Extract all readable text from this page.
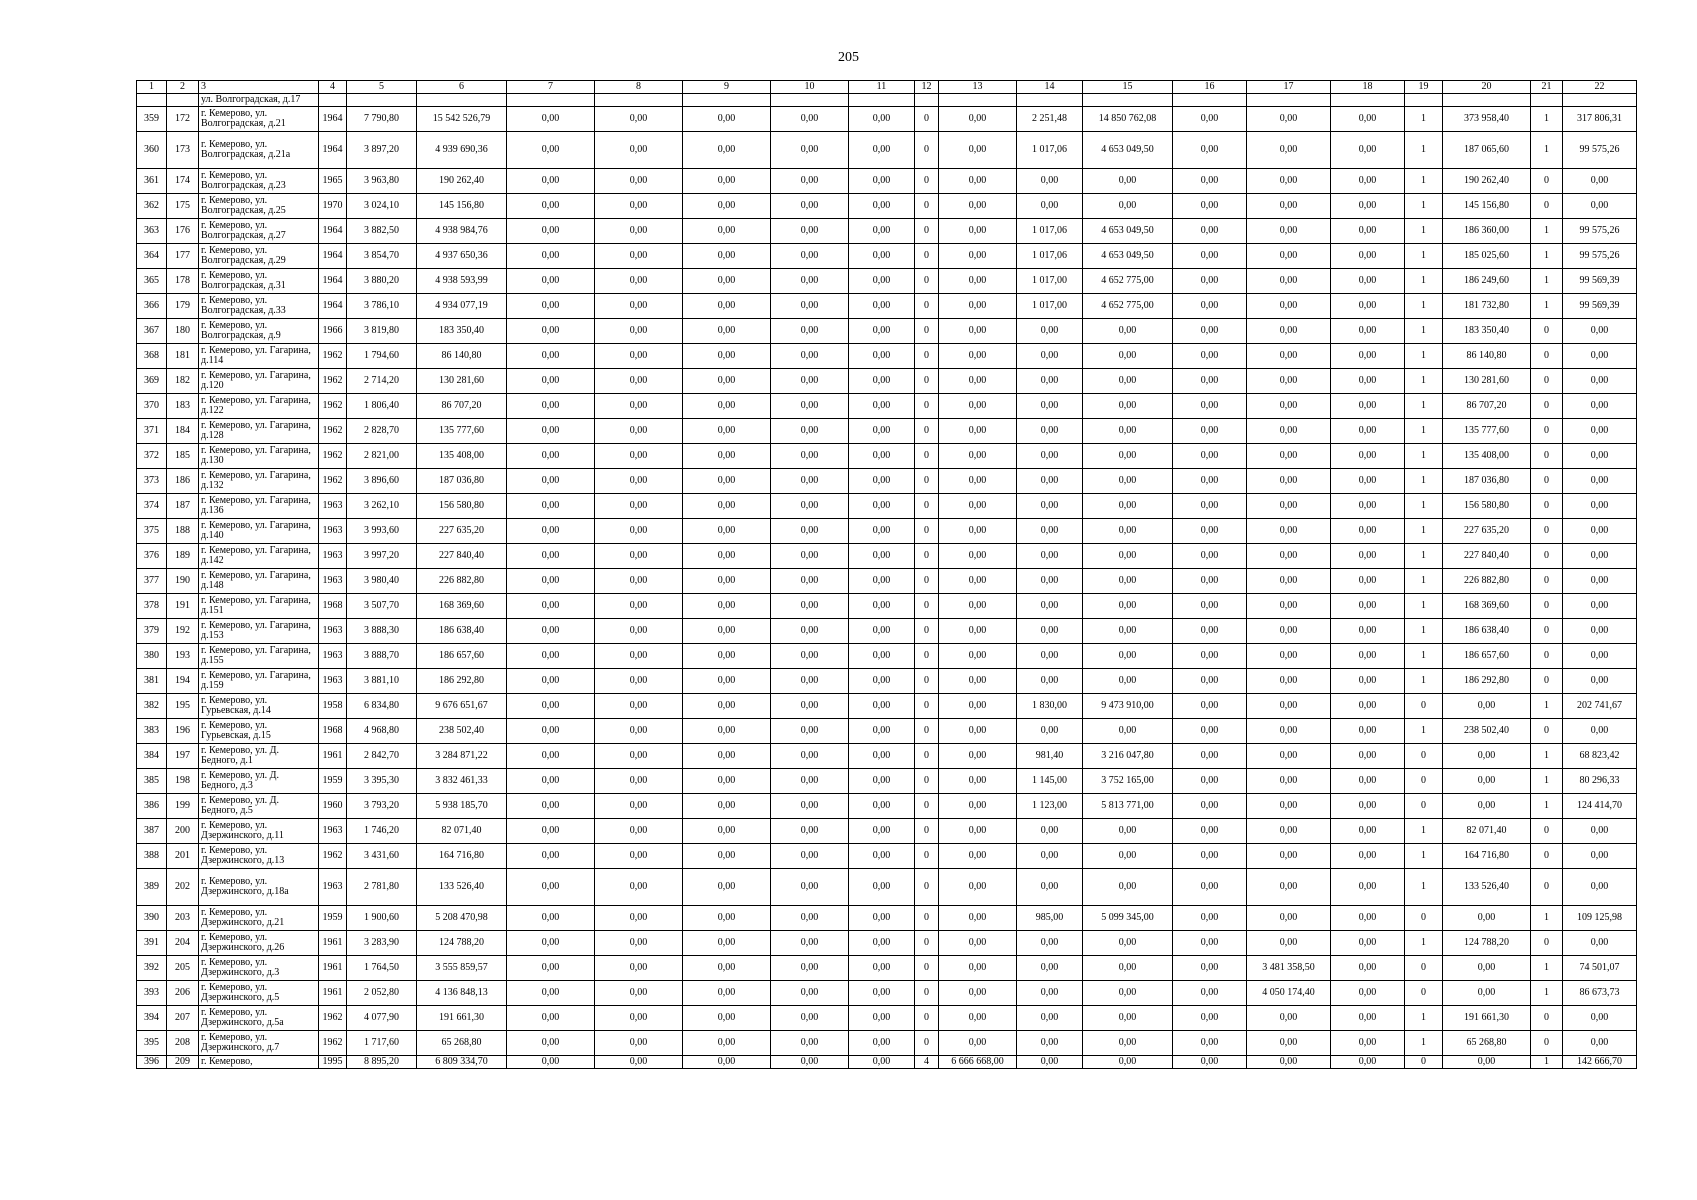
205
1	2	3	4	5	6	7	8	9	10	11	12	13	14	15	16	17	18	19	20	21	22
		ул. Волгоградская, д.17																			
359	172	г. Кемерово, ул. Волгоградская, д.21	1964	7 790,80	15 542 526,79	0,00	0,00	0,00	0,00	0,00	0	0,00	2 251,48	14 850 762,08	0,00	0,00	0,00	1	373 958,40	1	317 806,31
360	173	г. Кемерово, ул. Волгоградская, д.21а	1964	3 897,20	4 939 690,36	0,00	0,00	0,00	0,00	0,00	0	0,00	1 017,06	4 653 049,50	0,00	0,00	0,00	1	187 065,60	1	99 575,26
361	174	г. Кемерово, ул. Волгоградская, д.23	1965	3 963,80	190 262,40	0,00	0,00	0,00	0,00	0,00	0	0,00	0,00	0,00	0,00	0,00	0,00	1	190 262,40	0	0,00
362	175	г. Кемерово, ул. Волгоградская, д.25	1970	3 024,10	145 156,80	0,00	0,00	0,00	0,00	0,00	0	0,00	0,00	0,00	0,00	0,00	0,00	1	145 156,80	0	0,00
363	176	г. Кемерово, ул. Волгоградская, д.27	1964	3 882,50	4 938 984,76	0,00	0,00	0,00	0,00	0,00	0	0,00	1 017,06	4 653 049,50	0,00	0,00	0,00	1	186 360,00	1	99 575,26
364	177	г. Кемерово, ул. Волгоградская, д.29	1964	3 854,70	4 937 650,36	0,00	0,00	0,00	0,00	0,00	0	0,00	1 017,06	4 653 049,50	0,00	0,00	0,00	1	185 025,60	1	99 575,26
365	178	г. Кемерово, ул. Волгоградская, д.31	1964	3 880,20	4 938 593,99	0,00	0,00	0,00	0,00	0,00	0	0,00	1 017,00	4 652 775,00	0,00	0,00	0,00	1	186 249,60	1	99 569,39
366	179	г. Кемерово, ул. Волгоградская, д.33	1964	3 786,10	4 934 077,19	0,00	0,00	0,00	0,00	0,00	0	0,00	1 017,00	4 652 775,00	0,00	0,00	0,00	1	181 732,80	1	99 569,39
367	180	г. Кемерово, ул. Волгоградская, д.9	1966	3 819,80	183 350,40	0,00	0,00	0,00	0,00	0,00	0	0,00	0,00	0,00	0,00	0,00	0,00	1	183 350,40	0	0,00
368	181	г. Кемерово, ул. Гагарина, д.114	1962	1 794,60	86 140,80	0,00	0,00	0,00	0,00	0,00	0	0,00	0,00	0,00	0,00	0,00	0,00	1	86 140,80	0	0,00
369	182	г. Кемерово, ул. Гагарина, д.120	1962	2 714,20	130 281,60	0,00	0,00	0,00	0,00	0,00	0	0,00	0,00	0,00	0,00	0,00	0,00	1	130 281,60	0	0,00
370	183	г. Кемерово, ул. Гагарина, д.122	1962	1 806,40	86 707,20	0,00	0,00	0,00	0,00	0,00	0	0,00	0,00	0,00	0,00	0,00	0,00	1	86 707,20	0	0,00
371	184	г. Кемерово, ул. Гагарина, д.128	1962	2 828,70	135 777,60	0,00	0,00	0,00	0,00	0,00	0	0,00	0,00	0,00	0,00	0,00	0,00	1	135 777,60	0	0,00
372	185	г. Кемерово, ул. Гагарина, д.130	1962	2 821,00	135 408,00	0,00	0,00	0,00	0,00	0,00	0	0,00	0,00	0,00	0,00	0,00	0,00	1	135 408,00	0	0,00
373	186	г. Кемерово, ул. Гагарина, д.132	1962	3 896,60	187 036,80	0,00	0,00	0,00	0,00	0,00	0	0,00	0,00	0,00	0,00	0,00	0,00	1	187 036,80	0	0,00
374	187	г. Кемерово, ул. Гагарина, д.136	1963	3 262,10	156 580,80	0,00	0,00	0,00	0,00	0,00	0	0,00	0,00	0,00	0,00	0,00	0,00	1	156 580,80	0	0,00
375	188	г. Кемерово, ул. Гагарина, д.140	1963	3 993,60	227 635,20	0,00	0,00	0,00	0,00	0,00	0	0,00	0,00	0,00	0,00	0,00	0,00	1	227 635,20	0	0,00
376	189	г. Кемерово, ул. Гагарина, д.142	1963	3 997,20	227 840,40	0,00	0,00	0,00	0,00	0,00	0	0,00	0,00	0,00	0,00	0,00	0,00	1	227 840,40	0	0,00
377	190	г. Кемерово, ул. Гагарина, д.148	1963	3 980,40	226 882,80	0,00	0,00	0,00	0,00	0,00	0	0,00	0,00	0,00	0,00	0,00	0,00	1	226 882,80	0	0,00
378	191	г. Кемерово, ул. Гагарина, д.151	1968	3 507,70	168 369,60	0,00	0,00	0,00	0,00	0,00	0	0,00	0,00	0,00	0,00	0,00	0,00	1	168 369,60	0	0,00
379	192	г. Кемерово, ул. Гагарина, д.153	1963	3 888,30	186 638,40	0,00	0,00	0,00	0,00	0,00	0	0,00	0,00	0,00	0,00	0,00	0,00	1	186 638,40	0	0,00
380	193	г. Кемерово, ул. Гагарина, д.155	1963	3 888,70	186 657,60	0,00	0,00	0,00	0,00	0,00	0	0,00	0,00	0,00	0,00	0,00	0,00	1	186 657,60	0	0,00
381	194	г. Кемерово, ул. Гагарина, д.159	1963	3 881,10	186 292,80	0,00	0,00	0,00	0,00	0,00	0	0,00	0,00	0,00	0,00	0,00	0,00	1	186 292,80	0	0,00
382	195	г. Кемерово, ул. Гурьевская, д.14	1958	6 834,80	9 676 651,67	0,00	0,00	0,00	0,00	0,00	0	0,00	1 830,00	9 473 910,00	0,00	0,00	0,00	0	0,00	1	202 741,67
383	196	г. Кемерово, ул. Гурьевская, д.15	1968	4 968,80	238 502,40	0,00	0,00	0,00	0,00	0,00	0	0,00	0,00	0,00	0,00	0,00	0,00	1	238 502,40	0	0,00
384	197	г. Кемерово, ул. Д. Бедного, д.1	1961	2 842,70	3 284 871,22	0,00	0,00	0,00	0,00	0,00	0	0,00	981,40	3 216 047,80	0,00	0,00	0,00	0	0,00	1	68 823,42
385	198	г. Кемерово, ул. Д. Бедного, д.3	1959	3 395,30	3 832 461,33	0,00	0,00	0,00	0,00	0,00	0	0,00	1 145,00	3 752 165,00	0,00	0,00	0,00	0	0,00	1	80 296,33
386	199	г. Кемерово, ул. Д. Бедного, д.5	1960	3 793,20	5 938 185,70	0,00	0,00	0,00	0,00	0,00	0	0,00	1 123,00	5 813 771,00	0,00	0,00	0,00	0	0,00	1	124 414,70
387	200	г. Кемерово, ул. Дзержинского, д.11	1963	1 746,20	82 071,40	0,00	0,00	0,00	0,00	0,00	0	0,00	0,00	0,00	0,00	0,00	0,00	1	82 071,40	0	0,00
388	201	г. Кемерово, ул. Дзержинского, д.13	1962	3 431,60	164 716,80	0,00	0,00	0,00	0,00	0,00	0	0,00	0,00	0,00	0,00	0,00	0,00	1	164 716,80	0	0,00
389	202	г. Кемерово, ул. Дзержинского, д.18а	1963	2 781,80	133 526,40	0,00	0,00	0,00	0,00	0,00	0	0,00	0,00	0,00	0,00	0,00	0,00	1	133 526,40	0	0,00
390	203	г. Кемерово, ул. Дзержинского, д.21	1959	1 900,60	5 208 470,98	0,00	0,00	0,00	0,00	0,00	0	0,00	985,00	5 099 345,00	0,00	0,00	0,00	0	0,00	1	109 125,98
391	204	г. Кемерово, ул. Дзержинского, д.26	1961	3 283,90	124 788,20	0,00	0,00	0,00	0,00	0,00	0	0,00	0,00	0,00	0,00	0,00	0,00	1	124 788,20	0	0,00
392	205	г. Кемерово, ул. Дзержинского, д.3	1961	1 764,50	3 555 859,57	0,00	0,00	0,00	0,00	0,00	0	0,00	0,00	0,00	0,00	3 481 358,50	0,00	0	0,00	1	74 501,07
393	206	г. Кемерово, ул. Дзержинского, д.5	1961	2 052,80	4 136 848,13	0,00	0,00	0,00	0,00	0,00	0	0,00	0,00	0,00	0,00	4 050 174,40	0,00	0	0,00	1	86 673,73
394	207	г. Кемерово, ул. Дзержинского, д.5а	1962	4 077,90	191 661,30	0,00	0,00	0,00	0,00	0,00	0	0,00	0,00	0,00	0,00	0,00	0,00	1	191 661,30	0	0,00
395	208	г. Кемерово, ул. Дзержинского, д.7	1962	1 717,60	65 268,80	0,00	0,00	0,00	0,00	0,00	0	0,00	0,00	0,00	0,00	0,00	0,00	1	65 268,80	0	0,00
396	209	г. Кемерово,	1995	8 895,20	6 809 334,70	0,00	0,00	0,00	0,00	0,00	4	6 666 668,00	0,00	0,00	0,00	0,00	0,00	0	0,00	1	142 666,70
